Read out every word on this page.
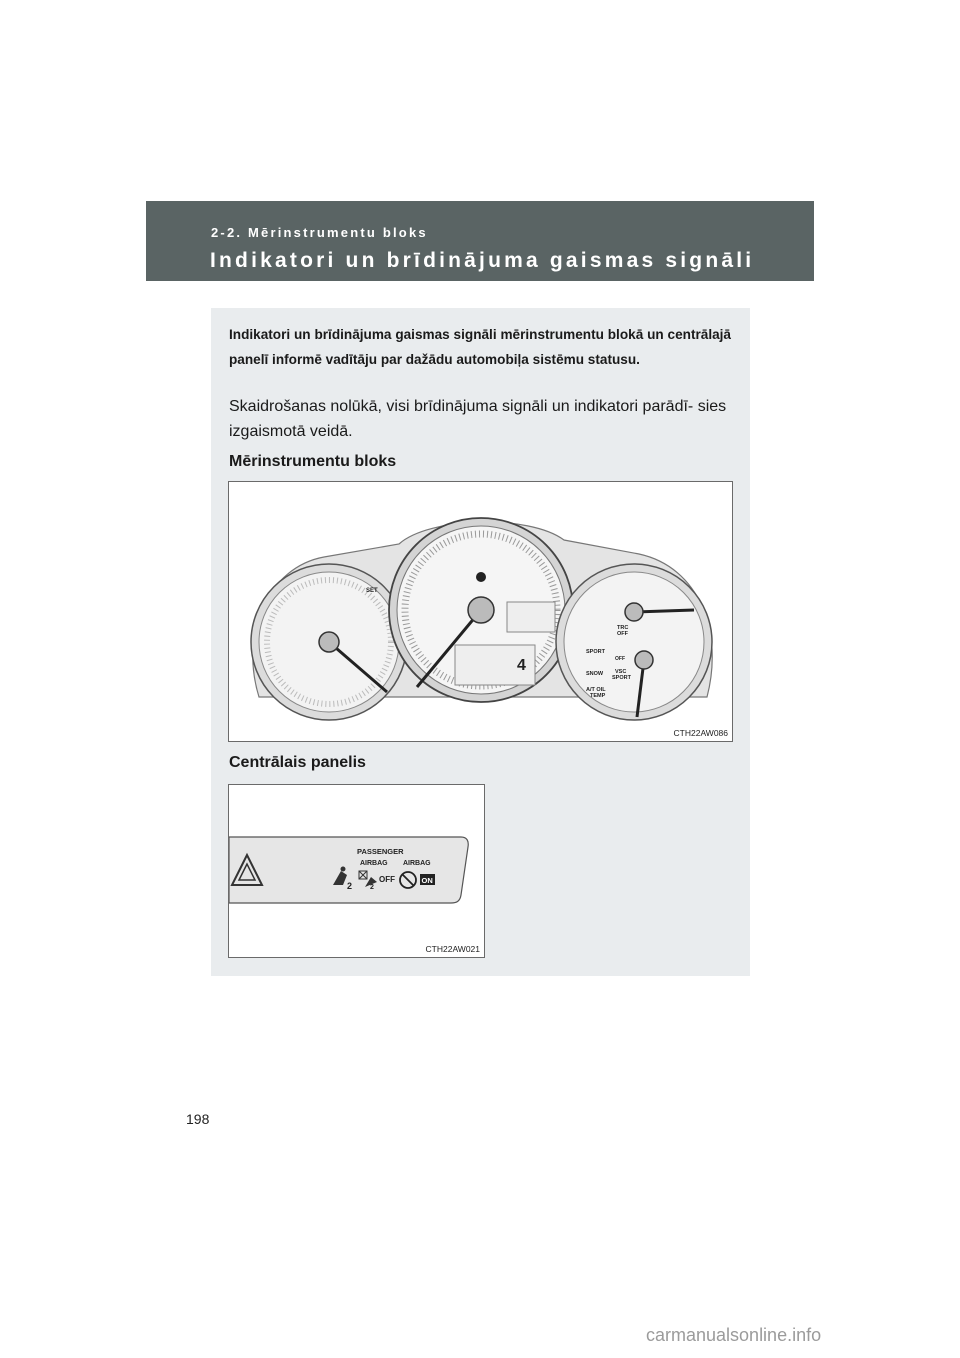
2-2. Mērinstrumentu bloks
Indikatori un brīdinājuma gaismas signāli

Indikatori un brīdinājuma gaismas signāli mērinstrumentu blokā un centrālajā panelī informē vadītāju par dažādu automobiļa sistēmu statusu.

Skaidrošanas nolūkā, visi brīdinājuma signāli un indikatori parādī- sies izgaismotā veidā.

Mērinstrumentu bloks

4
SET
TRC
OFF
OFF
SPORT
SNOW VSC
SPORT
A/T OIL
TEMP
CTH22AW086

Centrālais panelis

PASSENGER
AIRBAG AIRBAG
2	2
OFF	ON
CTH22AW021
198
carmanualsonline.info
